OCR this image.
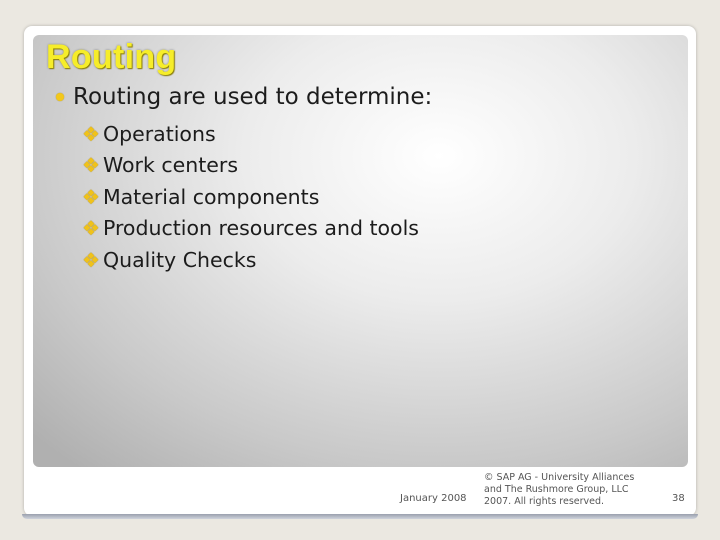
Routing
Routing are used to determine:
❖ Operations
❖ Work centers
❖ Material components
❖ Production resources and tools
❖ Quality Checks
January 2008
© SAP AG - University Alliances and The Rushmore Group, LLC 2007. All rights reserved.	38
